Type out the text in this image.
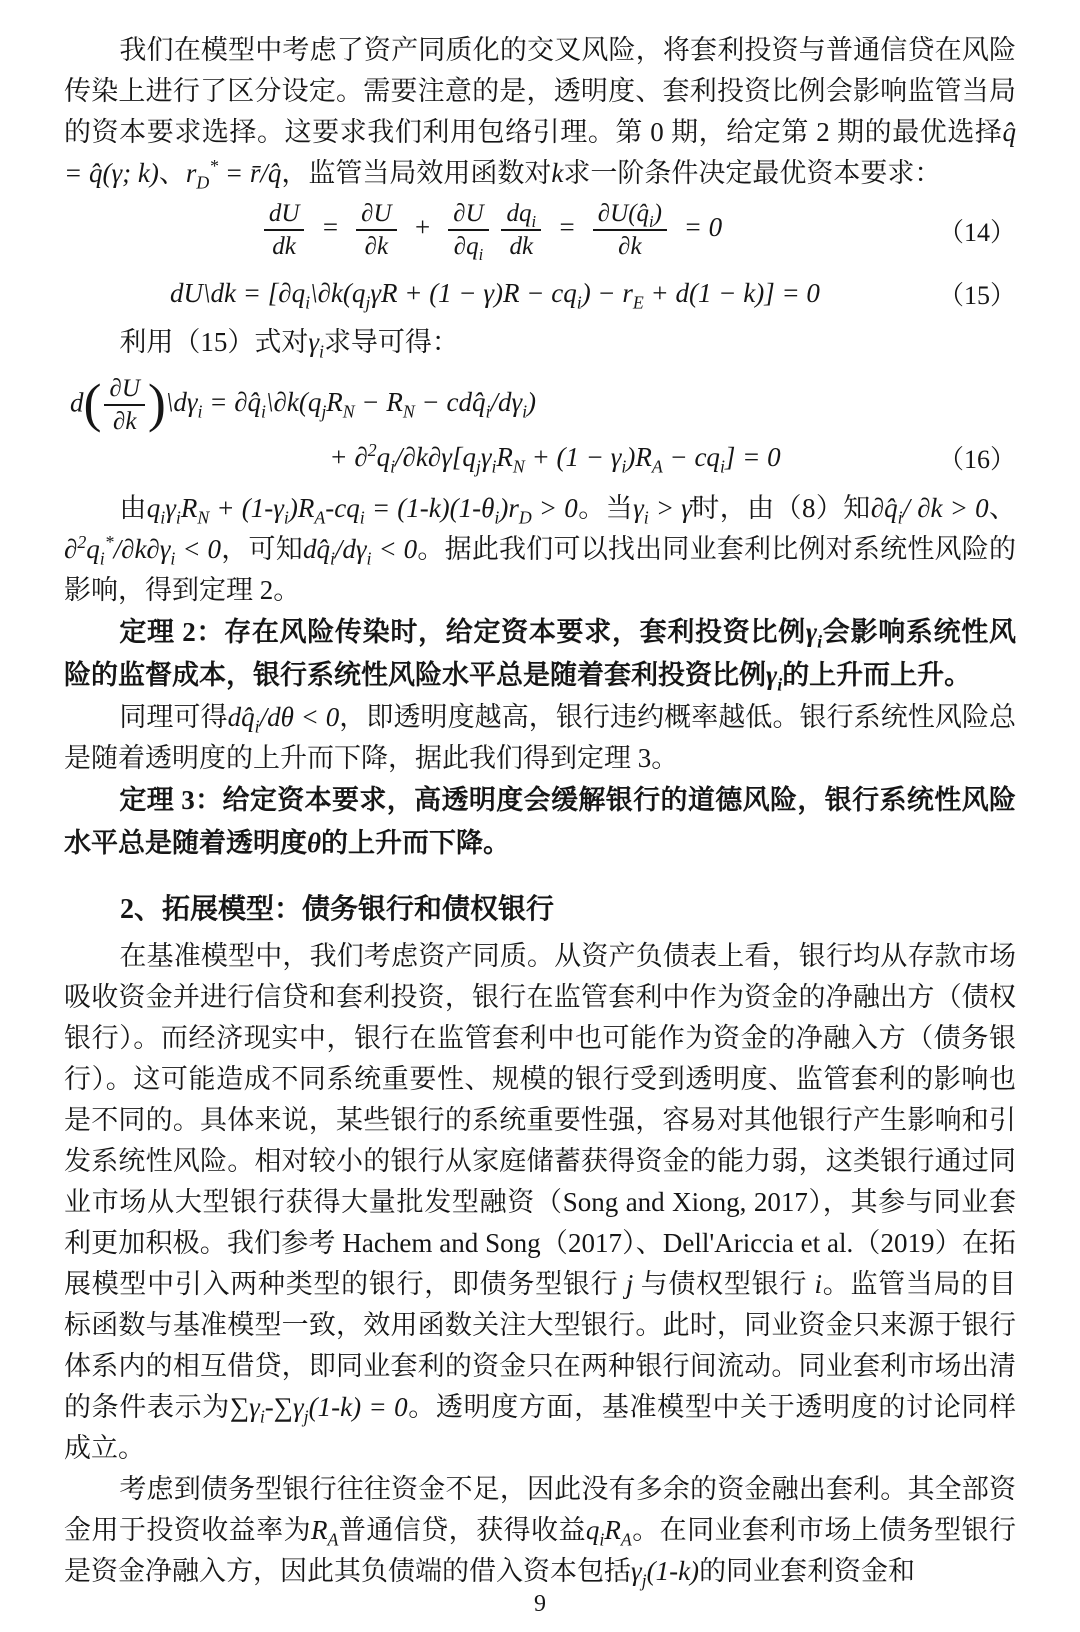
我们在模型中考虑了资产同质化的交叉风险，将套利投资与普通信贷在风险传染上进行了区分设定。需要注意的是，透明度、套利投资比例会影响监管当局的资本要求选择。这要求我们利用包络引理。第 0 期，给定第 2 期的最优选择q̂ = q̂(γ; k)、$r_D^*$ = r̄/q̂，监管当局效用函数对k求一阶条件决定最优资本要求：

$\frac{dU}{dk} = \frac{\partial U}{\partial k} + \frac{\partial U}{\partial q_i}$
$\frac{dq_i}{dk} = \frac{\partial U(q̂_i)}{\partial k} = 0$	（14）
dU\dk = $[\partial q_i\backslash\partial k(q_j\gamma R + (1 - \gamma)R - cq_i) - r_E + d(1 - k)] = 0$	（15）

利用（15）式对$\gamma_i$求导可得：

$d( \frac{\partial U}{\partial k}$ )$\backslash d\gamma_i$ = $\partial q̂_i\backslash\partial k(q_jR_N - R_N$ − $cdq̂_i/d\gamma_i$)
+ $\partial^2q_i/\partial k\partial\gamma[q_j\gamma_iR_N + (1 - \gamma_i)R_A - cq_i] = 0$	（16）

由$q_i\gamma_iR_N + (1-\gamma_i)R_A-cq_i = (1-k)(1-\theta_i)r_D > 0$。当$\gamma_i$ > γ̄时，由（8）知$\partial q̂_i/$ ∂k > 0、$\partial^2q_i^*/\partial k\partial\gamma_i < 0$，可知$dq̂_i/d\gamma_i < 0$。据此我们可以找出同业套利比例对系统性风险的影响，得到定理 2。

定理 2：存在风险传染时，给定资本要求，套利投资比例$\gamma_i$会影响系统性风险的监督成本，银行系统性风险水平总是随着套利投资比例$\gamma_i$的上升而上升。

同理可得$dq̂_i/d\theta < 0$，即透明度越高，银行违约概率越低。银行系统性风险总是随着透明度的上升而下降，据此我们得到定理 3。

定理 3：给定资本要求，高透明度会缓解银行的道德风险，银行系统性风险水平总是随着透明度θ的上升而下降。

2、拓展模型：债务银行和债权银行

在基准模型中，我们考虑资产同质。从资产负债表上看，银行均从存款市场吸收资金并进行信贷和套利投资，银行在监管套利中作为资金的净融出方（债权银行）。而经济现实中，银行在监管套利中也可能作为资金的净融入方（债务银行）。这可能造成不同系统重要性、规模的银行受到透明度、监管套利的影响也是不同的。具体来说，某些银行的系统重要性强，容易对其他银行产生影响和引发系统性风险。相对较小的银行从家庭储蓄获得资金的能力弱，这类银行通过同业市场从大型银行获得大量批发型融资（Song and Xiong, 2017），其参与同业套利更加积极。我们参考 Hachem and Song（2017）、Dell'Ariccia et al.（2019）在拓展模型中引入两种类型的银行，即债务型银行 j 与债权型银行 i。监管当局的目标函数与基准模型一致，效用函数关注大型银行。此时，同业资金只来源于银行体系内的相互借贷，即同业套利的资金只在两种银行间流动。同业套利市场出清的条件表示为$\sum\gamma_i-\sum\gamma_j(1-k) = 0$。透明度方面，基准模型中关于透明度的讨论同样成立。

考虑到债务型银行往往资金不足，因此没有多余的资金融出套利。其全部资金用于投资收益率为$R_A$普通信贷，获得收益$q_iR_A$。在同业套利市场上债务型银行是资金净融入方，因此其负债端的借入资本包括$\gamma_j(1-k)$的同业套利资金和

9
